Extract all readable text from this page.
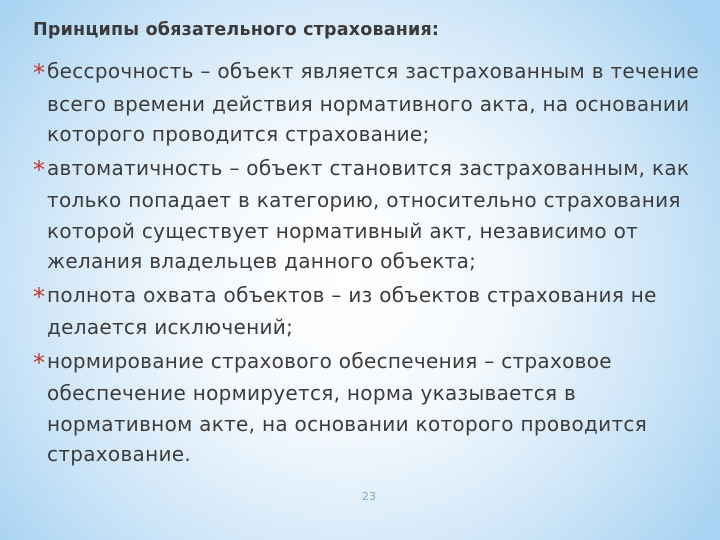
Принципы обязательного страхования:

*бессрочность – объект является застрахованным в течение всего времени действия нормативного акта, на основании которого проводится страхование;
*автоматичность – объект становится застрахованным, как только попадает в категорию, относительно страхования которой существует нормативный акт, независимо от желания владельцев данного объекта;
*полнота охвата объектов – из объектов страхования не делается исключений;
*нормирование страхового обеспечения – страховое обеспечение нормируется, норма указывается в нормативном акте, на основании которого проводится страхование.
23
